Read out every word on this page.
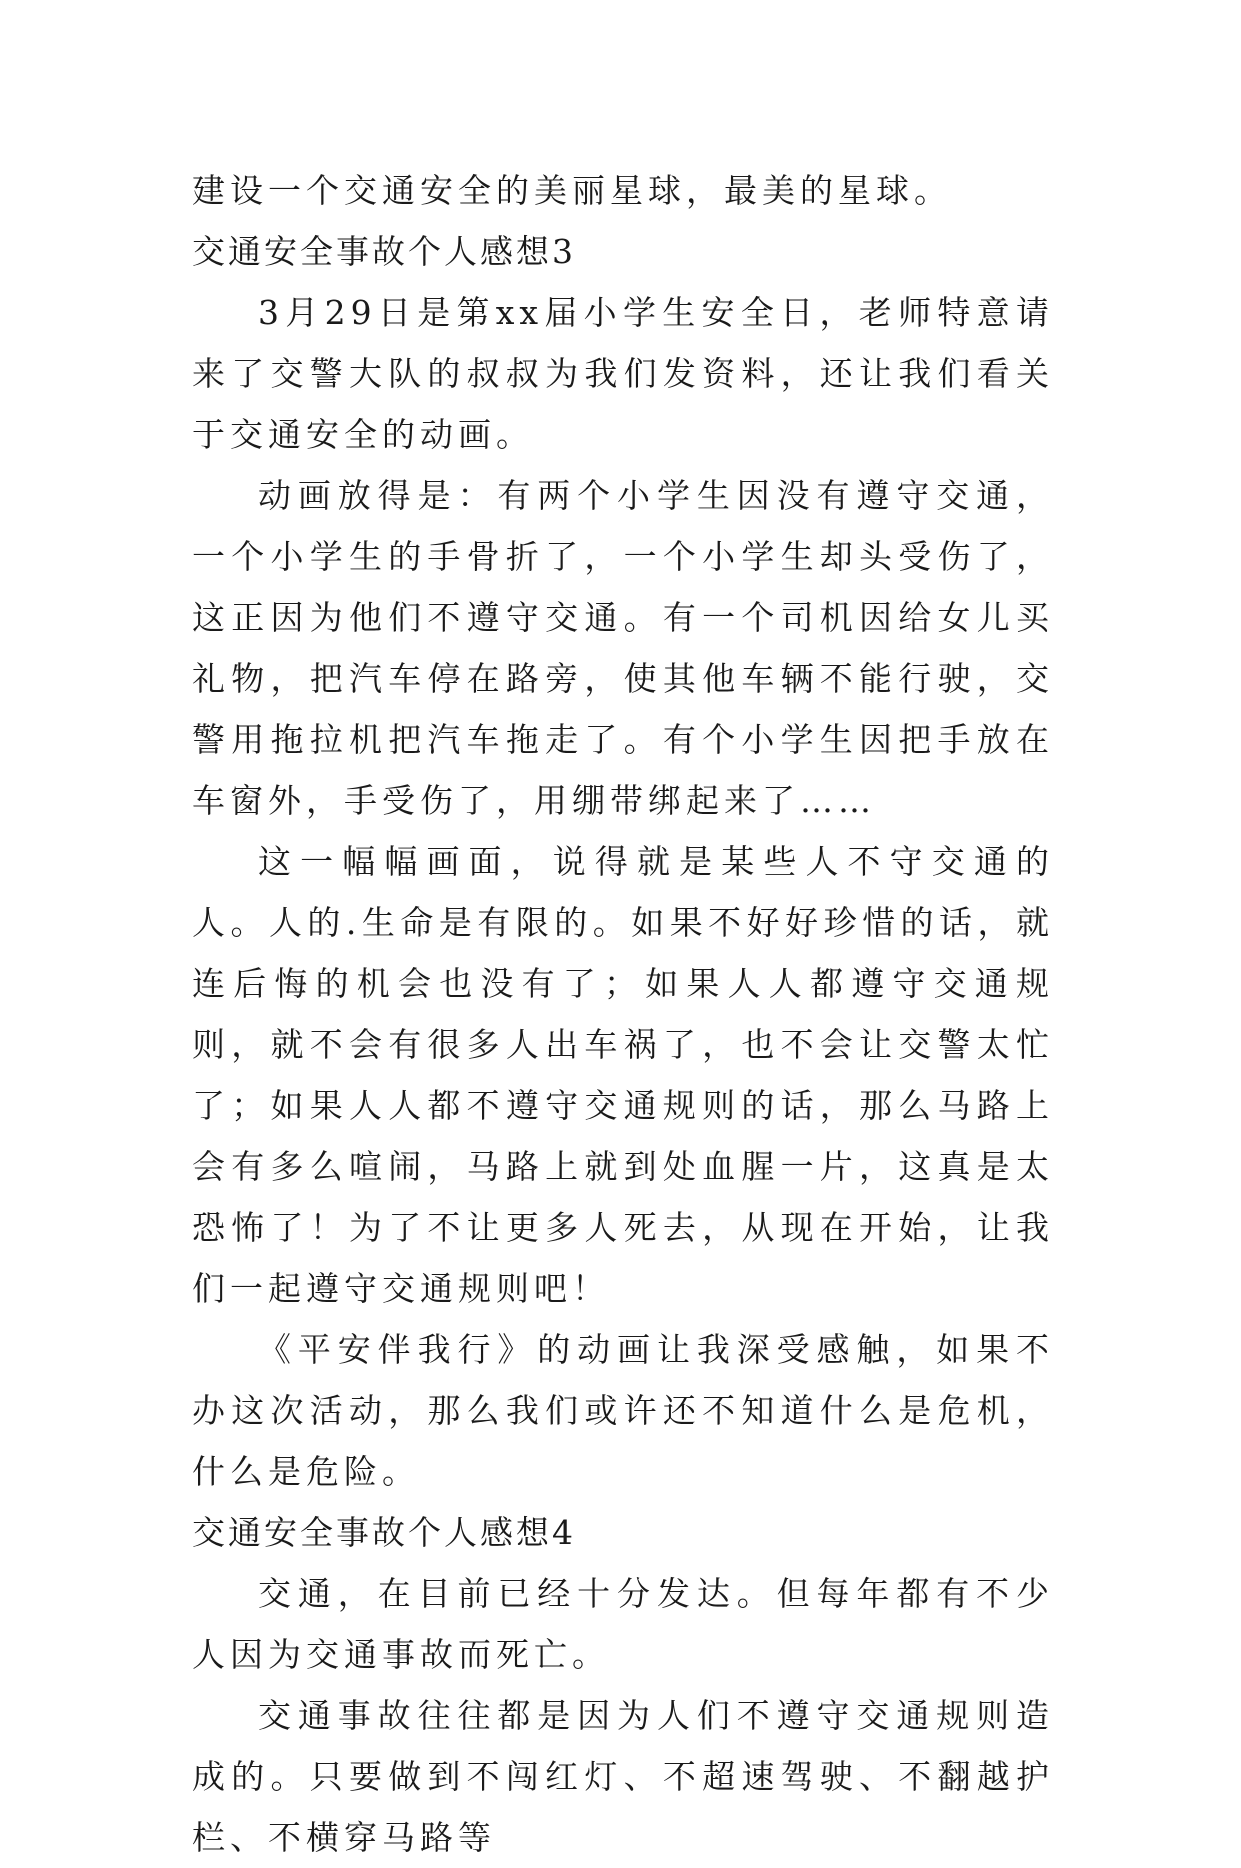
建设一个交通安全的美丽星球，最美的星球。

交通安全事故个人感想3

3月29日是第xx届小学生安全日，老师特意请来了交警大队的叔叔为我们发资料，还让我们看关于交通安全的动画。

动画放得是：有两个小学生因没有遵守交通，一个小学生的手骨折了，一个小学生却头受伤了，这正因为他们不遵守交通。有一个司机因给女儿买礼物，把汽车停在路旁，使其他车辆不能行驶，交警用拖拉机把汽车拖走了。有个小学生因把手放在车窗外，手受伤了，用绷带绑起来了……

这一幅幅画面，说得就是某些人不守交通的人。人的.生命是有限的。如果不好好珍惜的话，就连后悔的机会也没有了；如果人人都遵守交通规则，就不会有很多人出车祸了，也不会让交警太忙了；如果人人都不遵守交通规则的话，那么马路上会有多么喧闹，马路上就到处血腥一片，这真是太恐怖了！为了不让更多人死去，从现在开始，让我们一起遵守交通规则吧！

《平安伴我行》的动画让我深受感触，如果不办这次活动，那么我们或许还不知道什么是危机，什么是危险。

交通安全事故个人感想4

交通，在目前已经十分发达。但每年都有不少人因为交通事故而死亡。

交通事故往往都是因为人们不遵守交通规则造成的。只要做到不闯红灯、不超速驾驶、不翻越护栏、不横穿马路等
